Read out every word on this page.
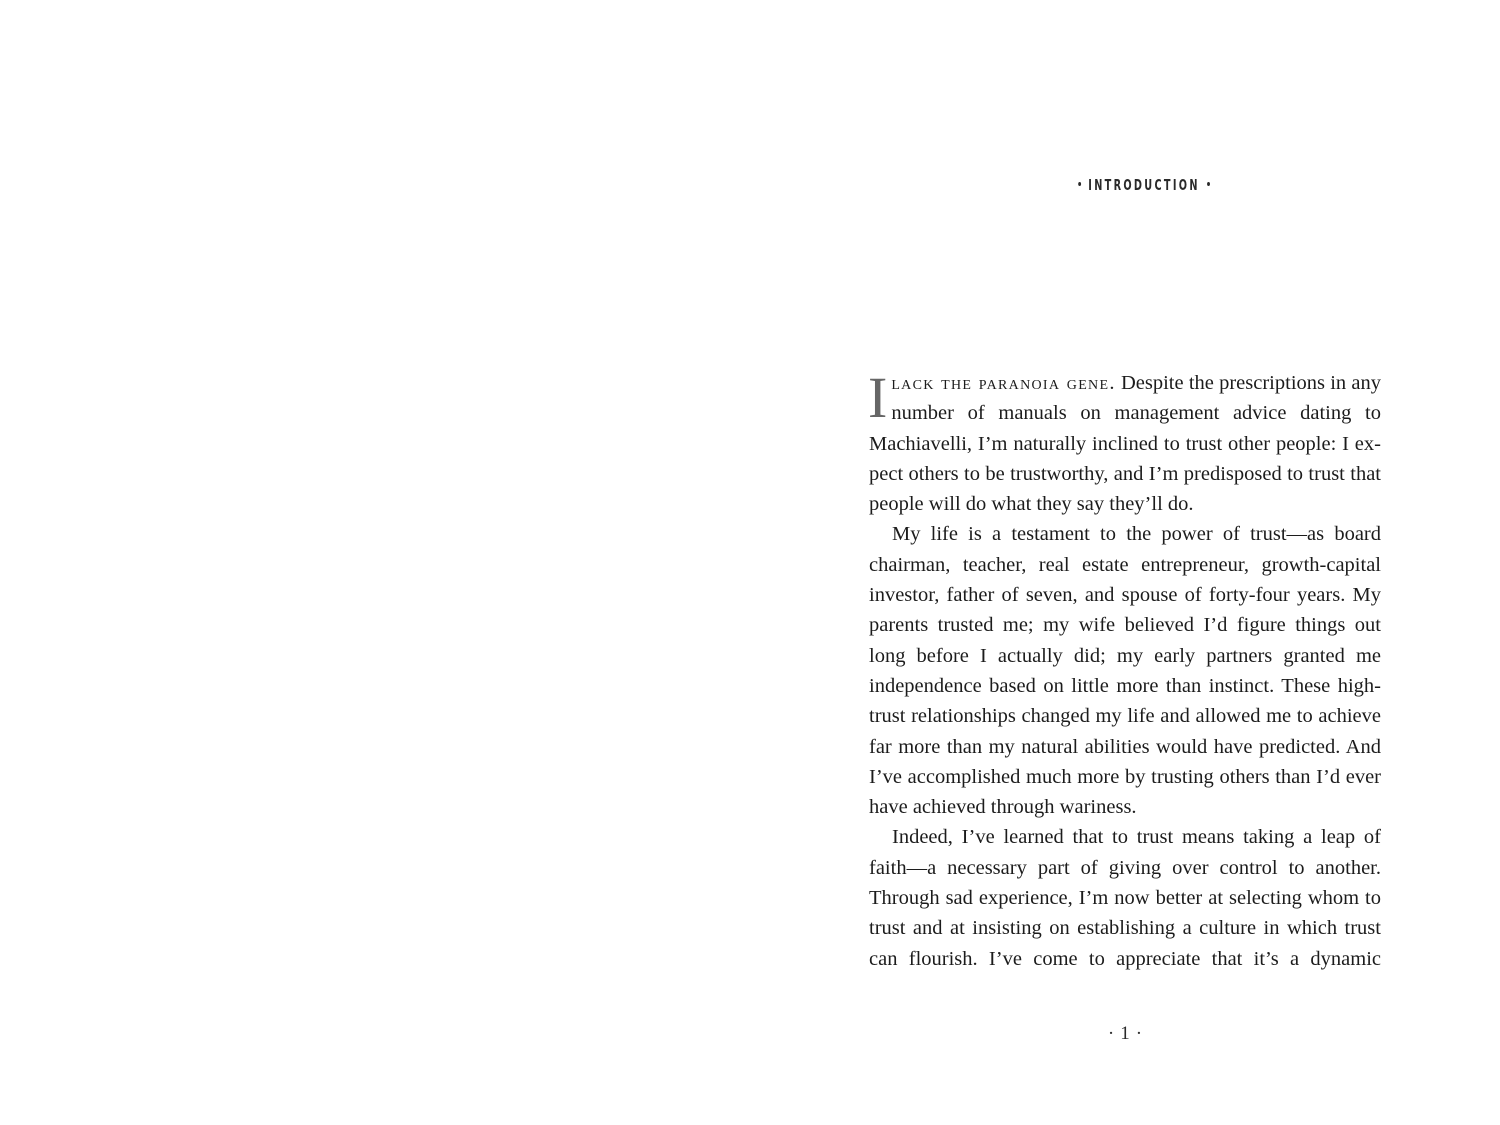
INTRODUCTION

Ilack the paranoia gene. Despite the prescriptions in any number of manuals on management advice dating to Machiavelli, I’m naturally inclined to trust other people: I expect others to be trustworthy, and I’m predisposed to trust that people will do what they say they’ll do.

My life is a testament to the power of trust—as board chairman, teacher, real estate entrepreneur, growth-capital investor, father of seven, and spouse of forty-four years. My parents trusted me; my wife believed I’d figure things out long before I actually did; my early partners granted me independence based on little more than instinct. These high-trust relationships changed my life and allowed me to achieve far more than my natural abilities would have predicted. And I’ve accomplished much more by trusting others than I’d ever have achieved through wariness.

Indeed, I’ve learned that to trust means taking a leap of faith—a necessary part of giving over control to another. Through sad experience, I’m now better at selecting whom to trust and at insisting on establishing a culture in which trust can flourish. I’ve come to appreciate that it’s a dynamic

· 1 ·
